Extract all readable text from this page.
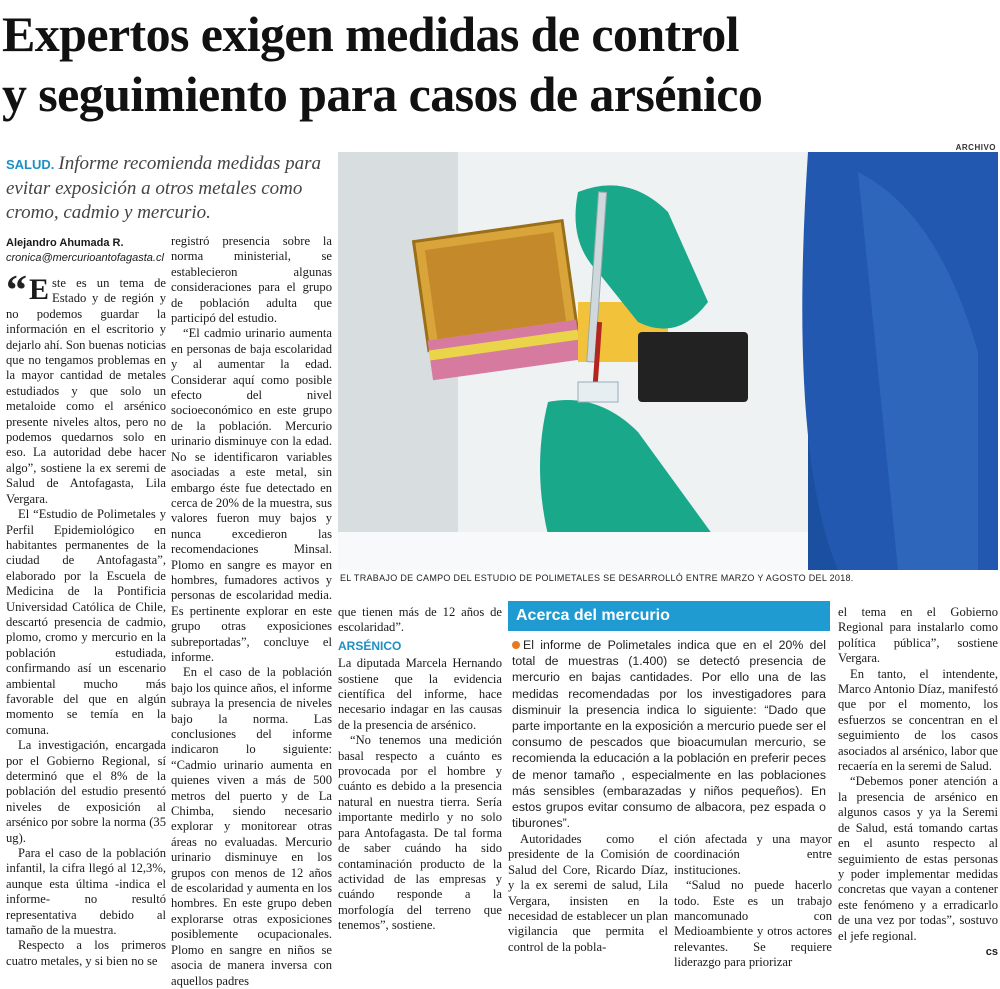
Expertos exigen medidas de control
y seguimiento para casos de arsénico
SALUD. Informe recomienda medidas para evitar exposición a otros metales como cromo, cadmio y mercurio.
Alejandro Ahumada R.
cronica@mercurioantofagasta.cl

“ E ste es un tema de Estado y de región y no podemos guardar la información en el escritorio y dejarlo ahí. Son buenas noticias que no tengamos problemas en la mayor cantidad de metales estudiados y que solo un metaloide como el arsénico presente niveles altos, pero no podemos quedarnos solo en eso. La autoridad debe hacer algo”, sostiene la ex seremi de Salud de Antofagasta, Lila Vergara.

El “Estudio de Polimetales y Perfil Epidemiológico en habitantes permanentes de la ciudad de Antofagasta”, elaborado por la Escuela de Medicina de la Pontificia Universidad Católica de Chile, descartó presencia de cadmio, plomo, cromo y mercurio en la población estudiada, confirmando así un escenario ambiental mucho más favorable del que en algún momento se temía en la comuna.

La investigación, encargada por el Gobierno Regional, sí determinó que el 8% de la población del estudio presentó niveles de exposición al arsénico por sobre la norma (35 ug).

Para el caso de la población infantil, la cifra llegó al 12,3%, aunque esta última -indica el informe- no resultó representativa debido al tamaño de la muestra.

Respecto a los primeros cuatro metales, y si bien no se

registró presencia sobre la norma ministerial, se establecieron algunas consideraciones para el grupo de población adulta que participó del estudio.

“El cadmio urinario aumenta en personas de baja escolaridad y al aumentar la edad. Considerar aquí como posible efecto del nivel socioeconómico en este grupo de la población. Mercurio urinario disminuye con la edad. No se identificaron variables asociadas a este metal, sin embargo éste fue detectado en cerca de 20% de la muestra, sus valores fueron muy bajos y nunca excedieron las recomendaciones Minsal. Plomo en sangre es mayor en hombres, fumadores activos y personas de escolaridad media. Es pertinente explorar en este grupo otras exposiciones subreportadas”, concluye el informe.

En el caso de la población bajo los quince años, el informe subraya la presencia de niveles bajo la norma. Las conclusiones del informe indicaron lo siguiente: “Cadmio urinario aumenta en quienes viven a más de 500 metros del puerto y de La Chimba, siendo necesario explorar y monitorear otras áreas no evaluadas. Mercurio urinario disminuye en los grupos con menos de 12 años de escolaridad y aumenta en los hombres. En este grupo deben explorarse otras exposiciones posiblemente ocupacionales. Plomo en sangre en niños se asocia de manera inversa con aquellos padres

ARCHIVO
EL TRABAJO DE CAMPO DEL ESTUDIO DE POLIMETALES SE DESARROLLÓ ENTRE MARZO Y AGOSTO DEL 2018.

que tienen más de 12 años de escolaridad”.

ARSÉNICO

La diputada Marcela Hernando sostiene que la evidencia científica del informe, hace necesario indagar en las causas de la presencia de arsénico.

“No tenemos una medición basal respecto a cuánto es provocada por el hombre y cuánto es debido a la presencia natural en nuestra tierra. Sería importante medirlo y no solo para Antofagasta. De tal forma de saber cuándo ha sido contaminación producto de la actividad de las empresas y cuándo responde a la morfología del terreno que tenemos”, sostiene.

Acerca del mercurio
El informe de Polimetales indica que en el 20% del total de muestras (1.400) se detectó presencia de mercurio en bajas cantidades. Por ello una de las medidas recomendadas por los investigadores para disminuir la presencia indica lo siguiente: “Dado que parte importante en la exposición a mercurio puede ser el consumo de pescados que bioacumulan mercurio, se recomienda la educación a la población en preferir peces de menor tamaño , especialmente en las poblaciones más sensibles (embarazadas y niños pequeños). En estos grupos evitar consumo de albacora, pez espada o tiburones”.

Autoridades como el presidente de la Comisión de Salud del Core, Ricardo Díaz, y la ex seremi de salud, Lila Vergara, insisten en la necesidad de establecer un plan vigilancia que permita el control de la pobla-

ción afectada y una mayor coordinación entre instituciones.

“Salud no puede hacerlo todo. Este es un trabajo mancomunado con Medioambiente y otros actores relevantes. Se requiere liderazgo para priorizar

el tema en el Gobierno Regional para instalarlo como política pública”, sostiene Vergara.

En tanto, el intendente, Marco Antonio Díaz, manifestó que por el momento, los esfuerzos se concentran en el seguimiento de los casos asociados al arsénico, labor que recaería en la seremi de Salud.

“Debemos poner atención a la presencia de arsénico en algunos casos y ya la Seremi de Salud, está tomando cartas en el asunto respecto al seguimiento de estas personas y poder implementar medidas concretas que vayan a contener este fenómeno y a erradicarlo de una vez por todas”, sostuvo el jefe regional.

cs
